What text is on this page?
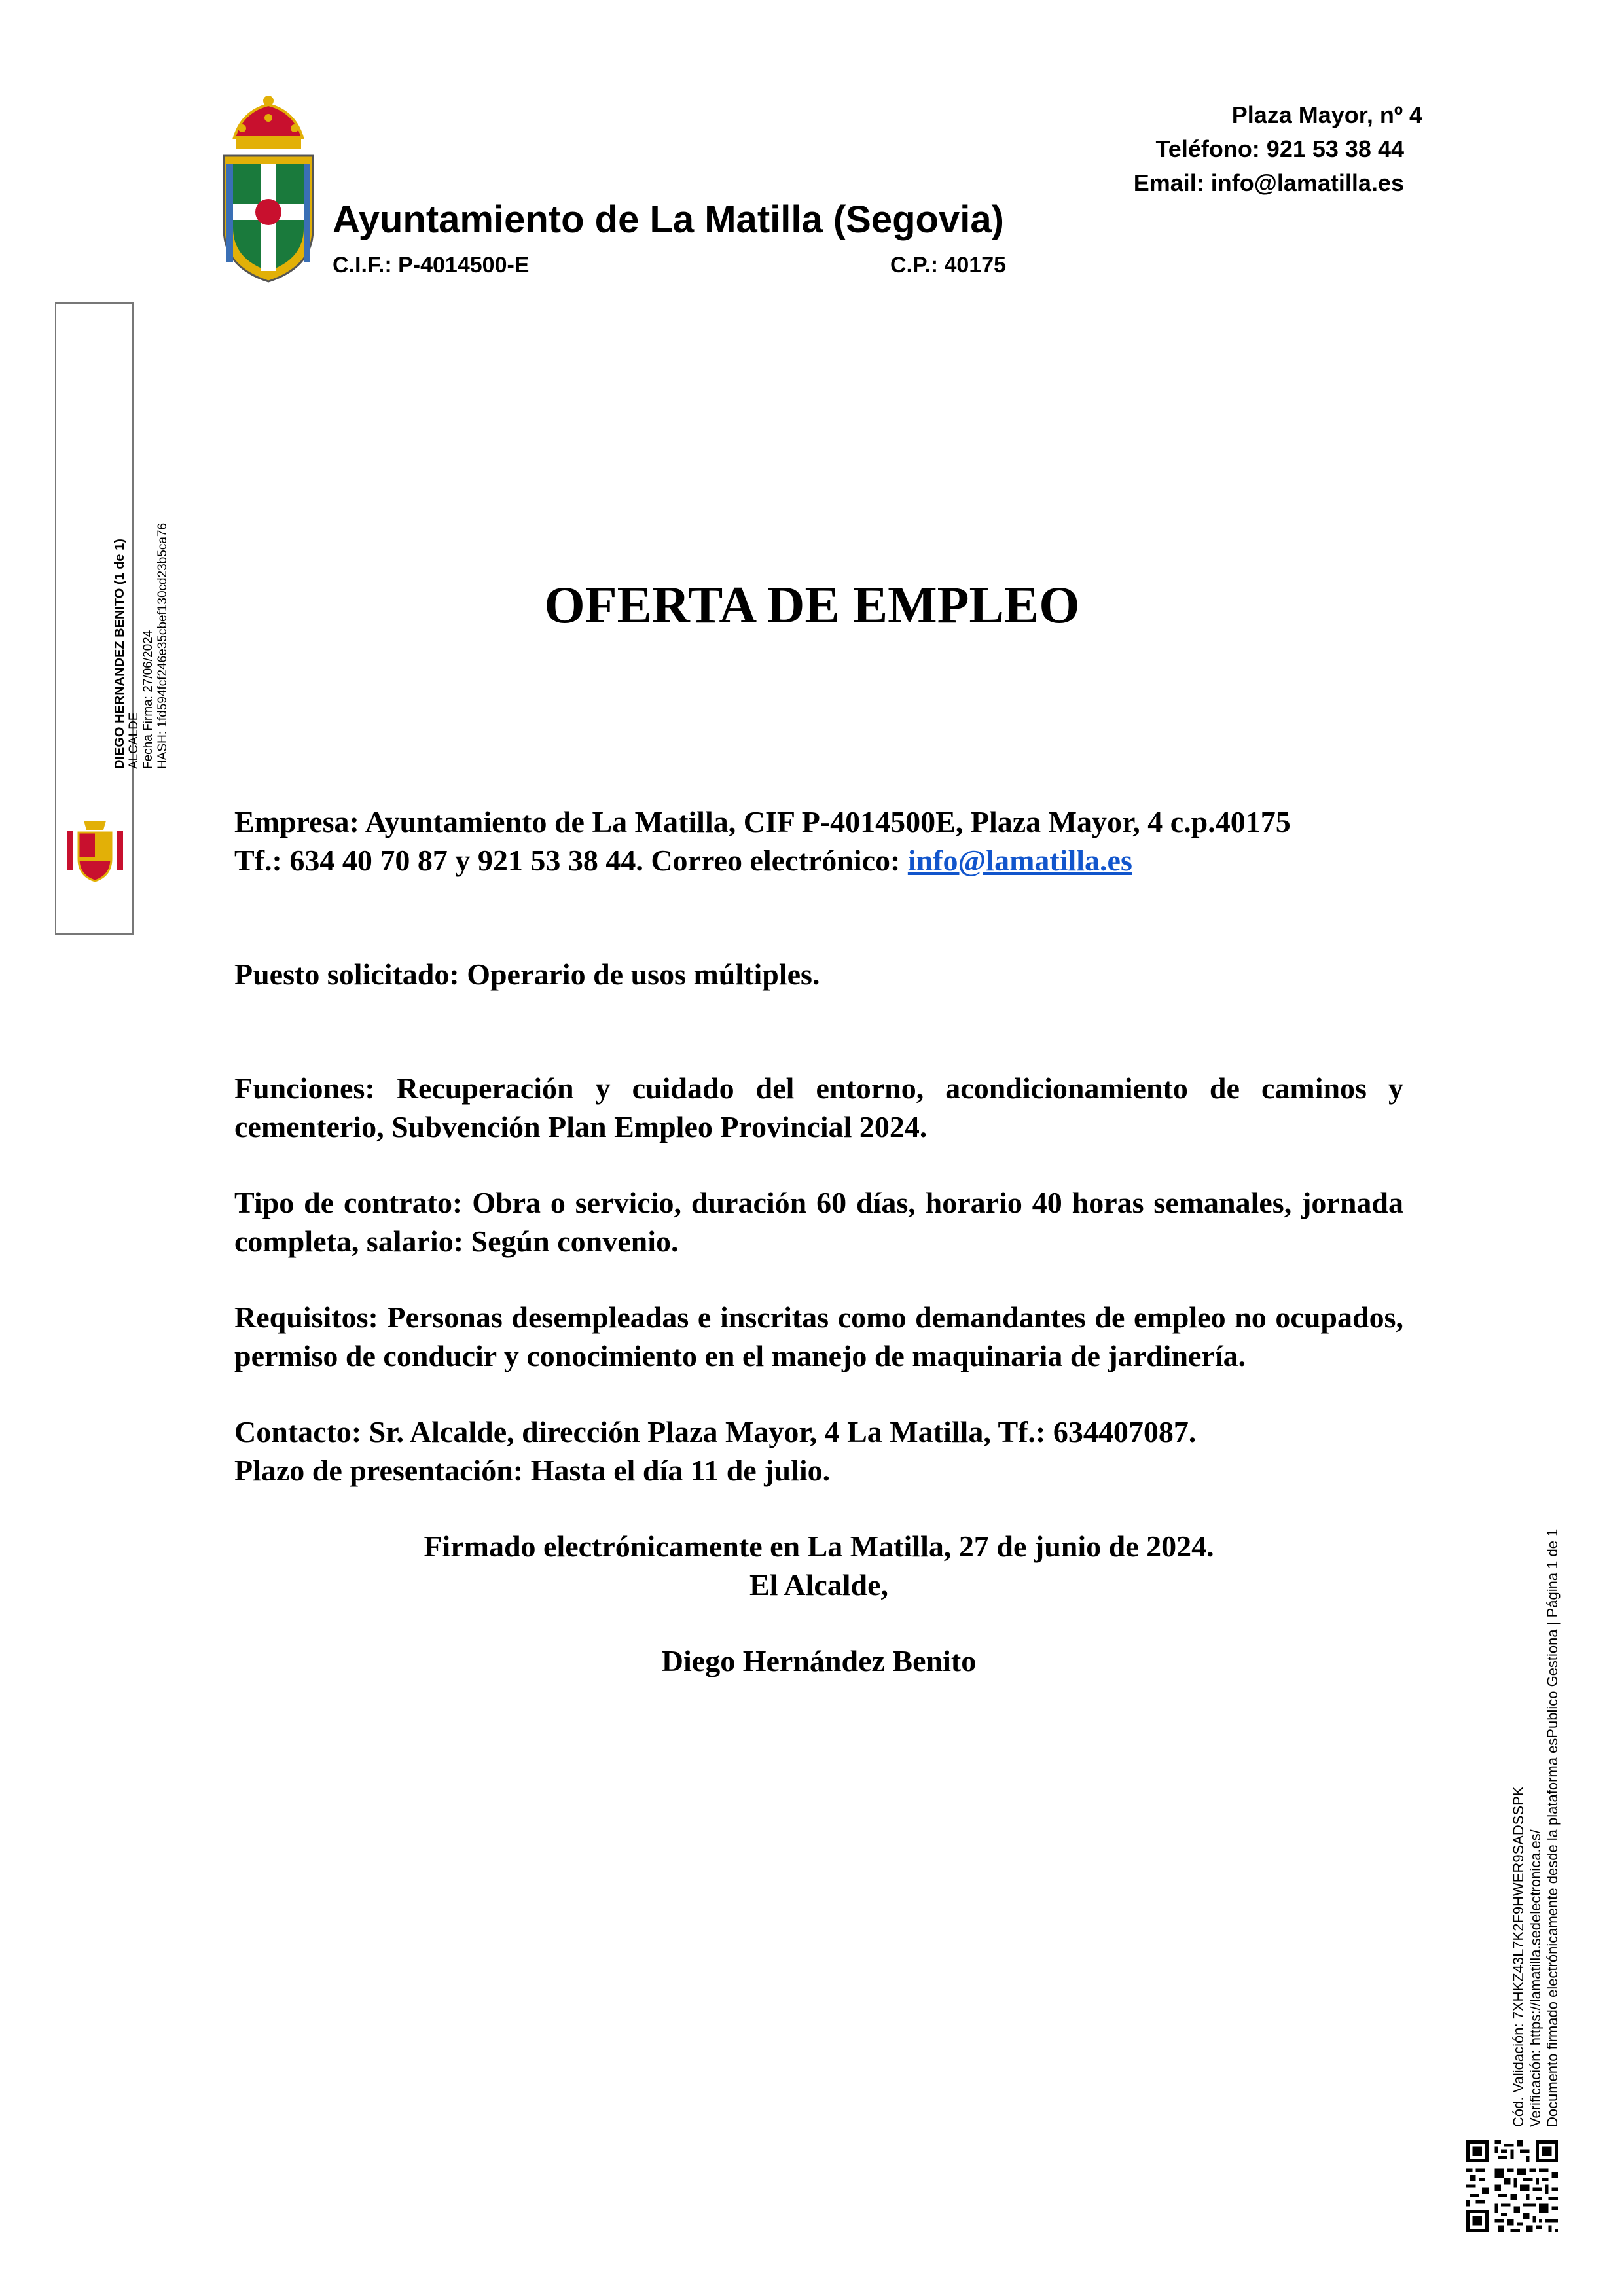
Plaza Mayor, nº 4
Teléfono: 921 53 38 44
Email: info@lamatilla.es
Ayuntamiento de La Matilla (Segovia)
C.I.F.: P-4014500-E	C.P.: 40175
DIEGO HERNANDEZ BENITO (1 de 1) ALCALDE Fecha Firma: 27/06/2024 HASH: 1fd594fcf246e35cbef130cd23b5ca76	OFERTA DE EMPLEO

Empresa: Ayuntamiento de La Matilla, CIF P-4014500E, Plaza Mayor, 4 c.p.40175

Tf.: 634 40 70 87 y 921 53 38 44. Correo electrónico: info@lamatilla.es

Puesto solicitado: Operario de usos múltiples.

Funciones: Recuperación y cuidado del entorno, acondicionamiento de caminos y cementerio, Subvención Plan Empleo Provincial 2024.

Tipo de contrato: Obra o servicio, duración 60 días, horario 40 horas semanales, jornada completa, salario: Según convenio.

Requisitos: Personas desempleadas e inscritas como demandantes de empleo no ocupados, permiso de conducir y conocimiento en el manejo de maquinaria de jardinería.

Contacto: Sr. Alcalde, dirección Plaza Mayor, 4 La Matilla, Tf.: 634407087.

Plazo de presentación: Hasta el día 11 de julio.

Firmado electrónicamente en La Matilla, 27 de junio de 2024.

El Alcalde,

Diego Hernández Benito

Cód. Validación: 7XHKZ43L7K2F9HWER9SADSSPK Verificación: https://lamatilla.sedelectronica.es/ Documento firmado electrónicamente desde la plataforma esPublico Gestiona | Página 1 de 1
